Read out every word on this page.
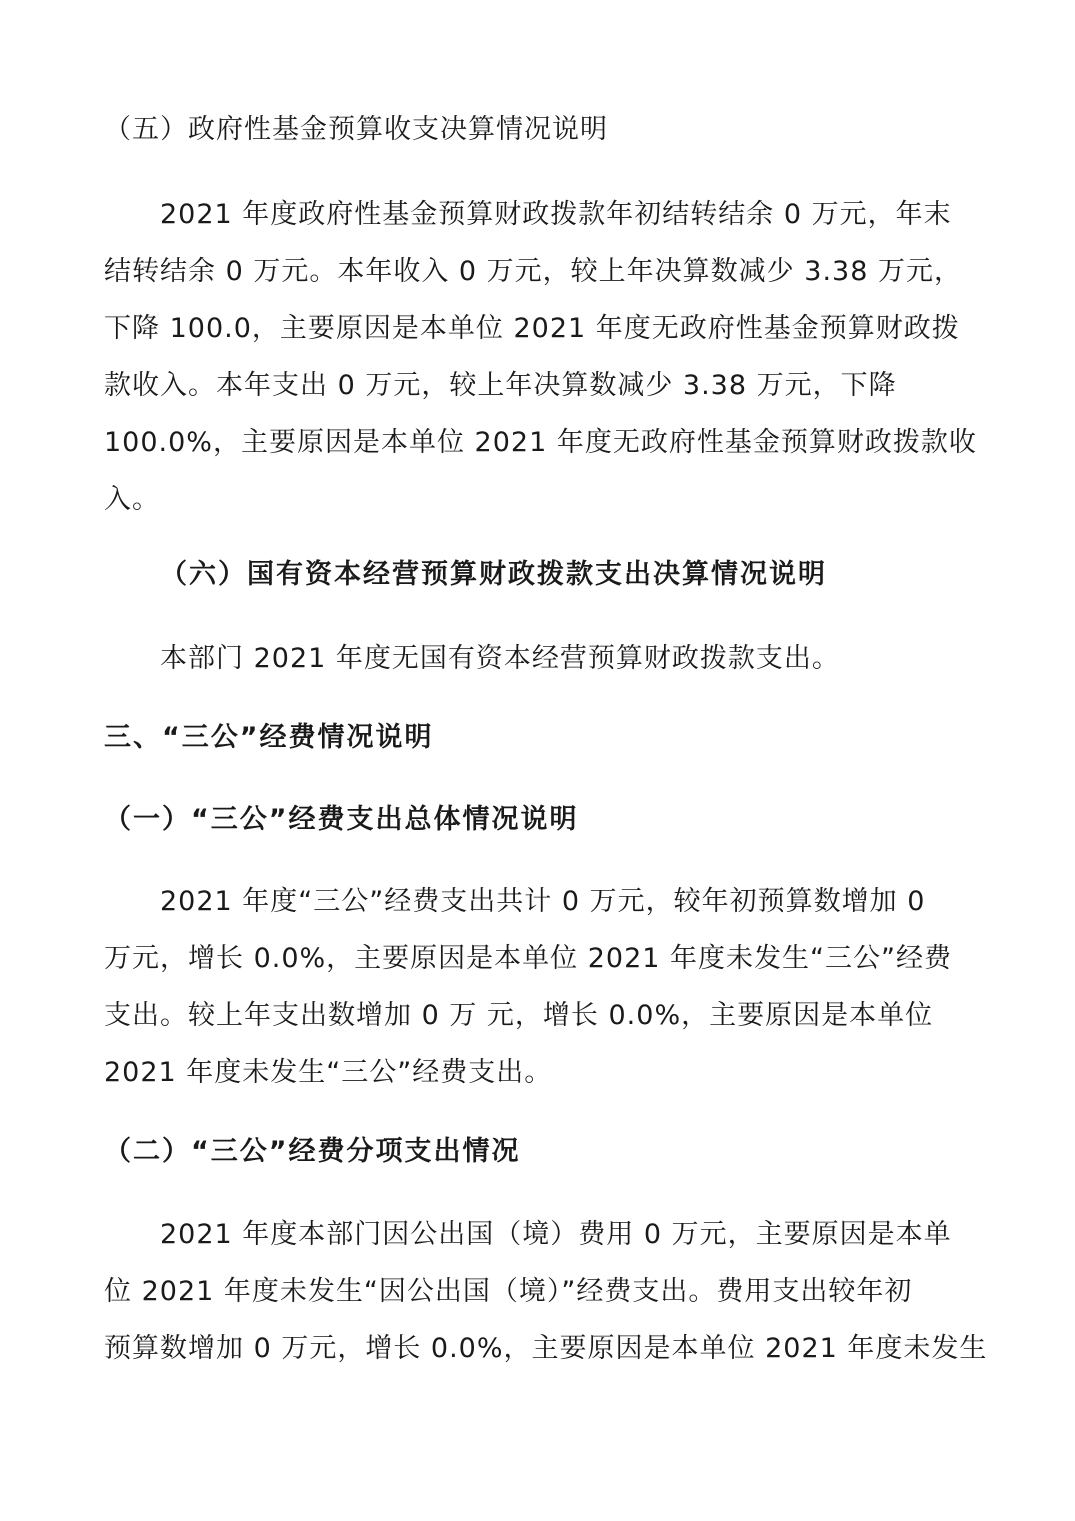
（五）政府性基金预算收支决算情况说明
2021 年度政府性基金预算财政拨款年初结转结余 0 万元，年末
结转结余 0 万元。本年收入 0 万元，较上年决算数减少 3.38 万元，
下降 100.0，主要原因是本单位 2021 年度无政府性基金预算财政拨
款收入。本年支出 0 万元，较上年决算数减少 3.38 万元，下降
100.0%，主要原因是本单位 2021 年度无政府性基金预算财政拨款收
入。
（六）国有资本经营预算财政拨款支出决算情况说明
本部门 2021 年度无国有资本经营预算财政拨款支出。
三、“三公”经费情况说明
（一）“三公”经费支出总体情况说明
2021 年度“三公”经费支出共计 0 万元，较年初预算数增加 0
万元，增长 0.0%，主要原因是本单位 2021 年度未发生“三公”经费
支出。较上年支出数增加 0 万 元，增长 0.0%，主要原因是本单位
2021 年度未发生“三公”经费支出。
（二）“三公”经费分项支出情况
2021 年度本部门因公出国（境）费用 0 万元，主要原因是本单
位 2021 年度未发生“因公出国（境）”经费支出。费用支出较年初
预算数增加 0 万元，增长 0.0%，主要原因是本单位 2021 年度未发生
